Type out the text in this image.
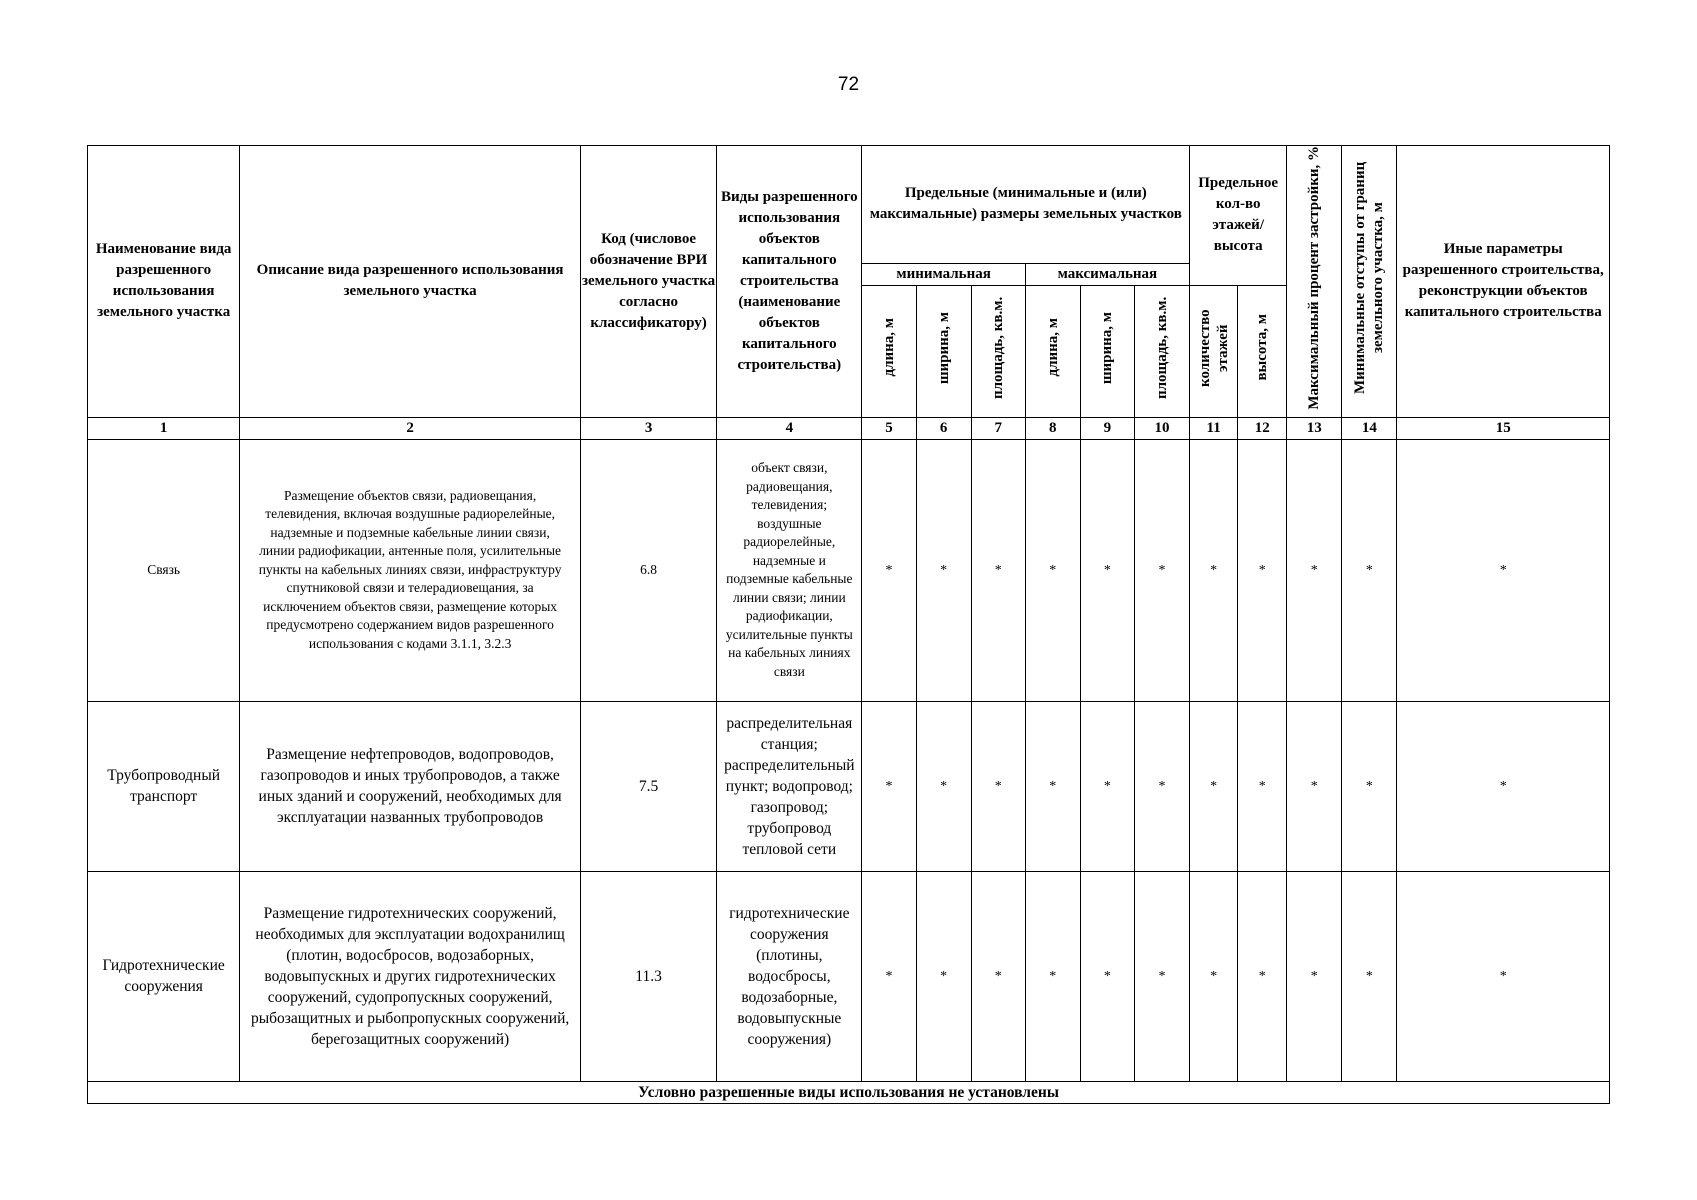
72
Наименование вида разрешенного использования земельного участка	Описание вида разрешенного использования земельного участка	Код (числовое обозначение ВРИ земельного участка согласно классификатору)	Виды разрешенного использования объектов капитального строительства (наименование объектов капитального строительства)	Предельные (минимальные и (или) максимальные) размеры земельных участков						Предельное кол-во этажей/ высота		Максимальный процент застройки, %	Минимальные отступы от границ земельного участка, м	Иные параметры разрешенного строительства, реконструкции объектов капитального строительства
				минимальная			максимальная							
				длина, м	ширина, м	площадь, кв.м.	длина, м	ширина, м	площадь, кв.м.	количество этажей	высота, м			
1	2	3	4	5	6	7	8	9	10	11	12	13	14	15
Связь	Размещение объектов связи, радиовещания, телевидения, включая воздушные радиорелейные, надземные и подземные кабельные линии связи, линии радиофикации, антенные поля, усилительные пункты на кабельных линиях связи, инфраструктуру спутниковой связи и телерадиовещания, за исключением объектов связи, размещение которых предусмотрено содержанием видов разрешенного использования с кодами 3.1.1, 3.2.3	6.8	объект связи, радиовещания, телевидения; воздушные радиорелейные, надземные и подземные кабельные линии связи; линии радиофикации, усилительные пункты на кабельных линиях связи	*	*	*	*	*	*	*	*	*	*	*
Трубопроводный транспорт	Размещение нефтепроводов, водопроводов, газопроводов и иных трубопроводов, а также иных зданий и сооружений, необходимых для эксплуатации названных трубопроводов	7.5	распределительная станция; распределительный пункт; водопровод; газопровод; трубопровод тепловой сети	*	*	*	*	*	*	*	*	*	*	*
Гидротехнические сооружения	Размещение гидротехнических сооружений, необходимых для эксплуатации водохранилищ (плотин, водосбросов, водозаборных, водовыпускных и других гидротехнических сооружений, судопропускных сооружений, рыбозащитных и рыбопропускных сооружений, берегозащитных сооружений)	11.3	гидротехнические сооружения (плотины, водосбросы, водозаборные, водовыпускные сооружения)	*	*	*	*	*	*	*	*	*	*	*
Условно разрешенные виды использования не установлены														
